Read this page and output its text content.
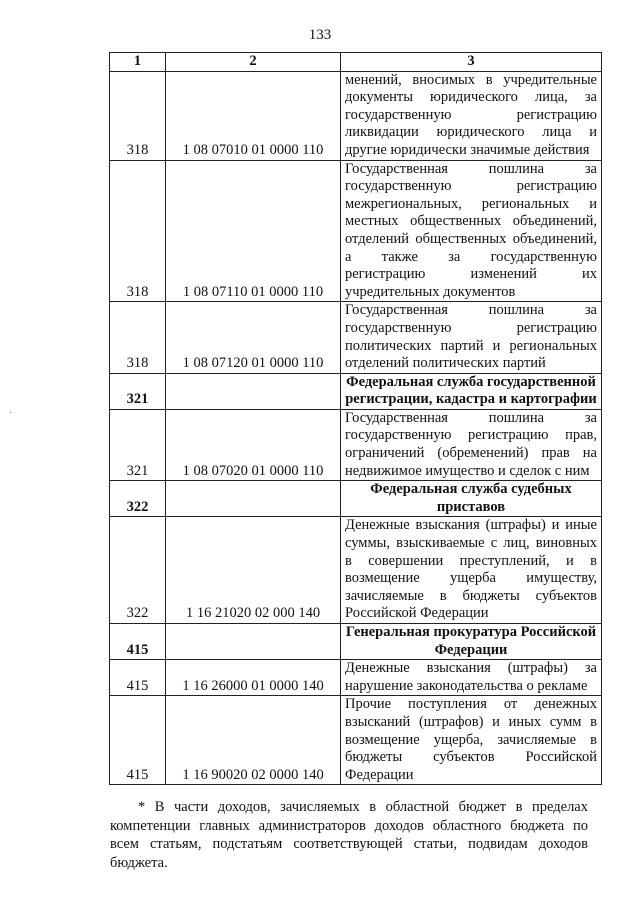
133
·
1	2	3
318	1 08 07010 01 0000 110	менений, вносимых в учредительные документы юридического лица, за государственную регистрацию ликвидации юридического лица и другие юридически значимые действия
318	1 08 07110 01 0000 110	Государственная пошлина за государственную регистрацию межрегиональных, региональных и местных общественных объединений, отделений общественных объединений, а также за государственную регистрацию изменений их учредительных документов
318	1 08 07120 01 0000 110	Государственная пошлина за государственную регистрацию политических партий и региональных отделений политических партий
321		Федеральная служба государственной регистрации, кадастра и картографии
321	1 08 07020 01 0000 110	Государственная пошлина за государственную регистрацию прав, ограничений (обременений) прав на недвижимое имущество и сделок с ним
322		Федеральная служба судебных приставов
322	1 16 21020 02 000 140	Денежные взыскания (штрафы) и иные суммы, взыскиваемые с лиц, виновных в совершении преступлений, и в возмещение ущерба имуществу, зачисляемые в бюджеты субъектов Российской Федерации
415		Генеральная прокуратура Российской Федерации
415	1 16 26000 01 0000 140	Денежные взыскания (штрафы) за нарушение законодательства о рекламе
415	1 16 90020 02 0000 140	Прочие поступления от денежных взысканий (штрафов) и иных сумм в возмещение ущерба, зачисляемые в бюджеты субъектов Российской Федерации
* В части доходов, зачисляемых в областной бюджет в пределах компетенции главных администраторов доходов областного бюджета по всем статьям, подстатьям соответствующей статьи, подвидам доходов бюджета.
